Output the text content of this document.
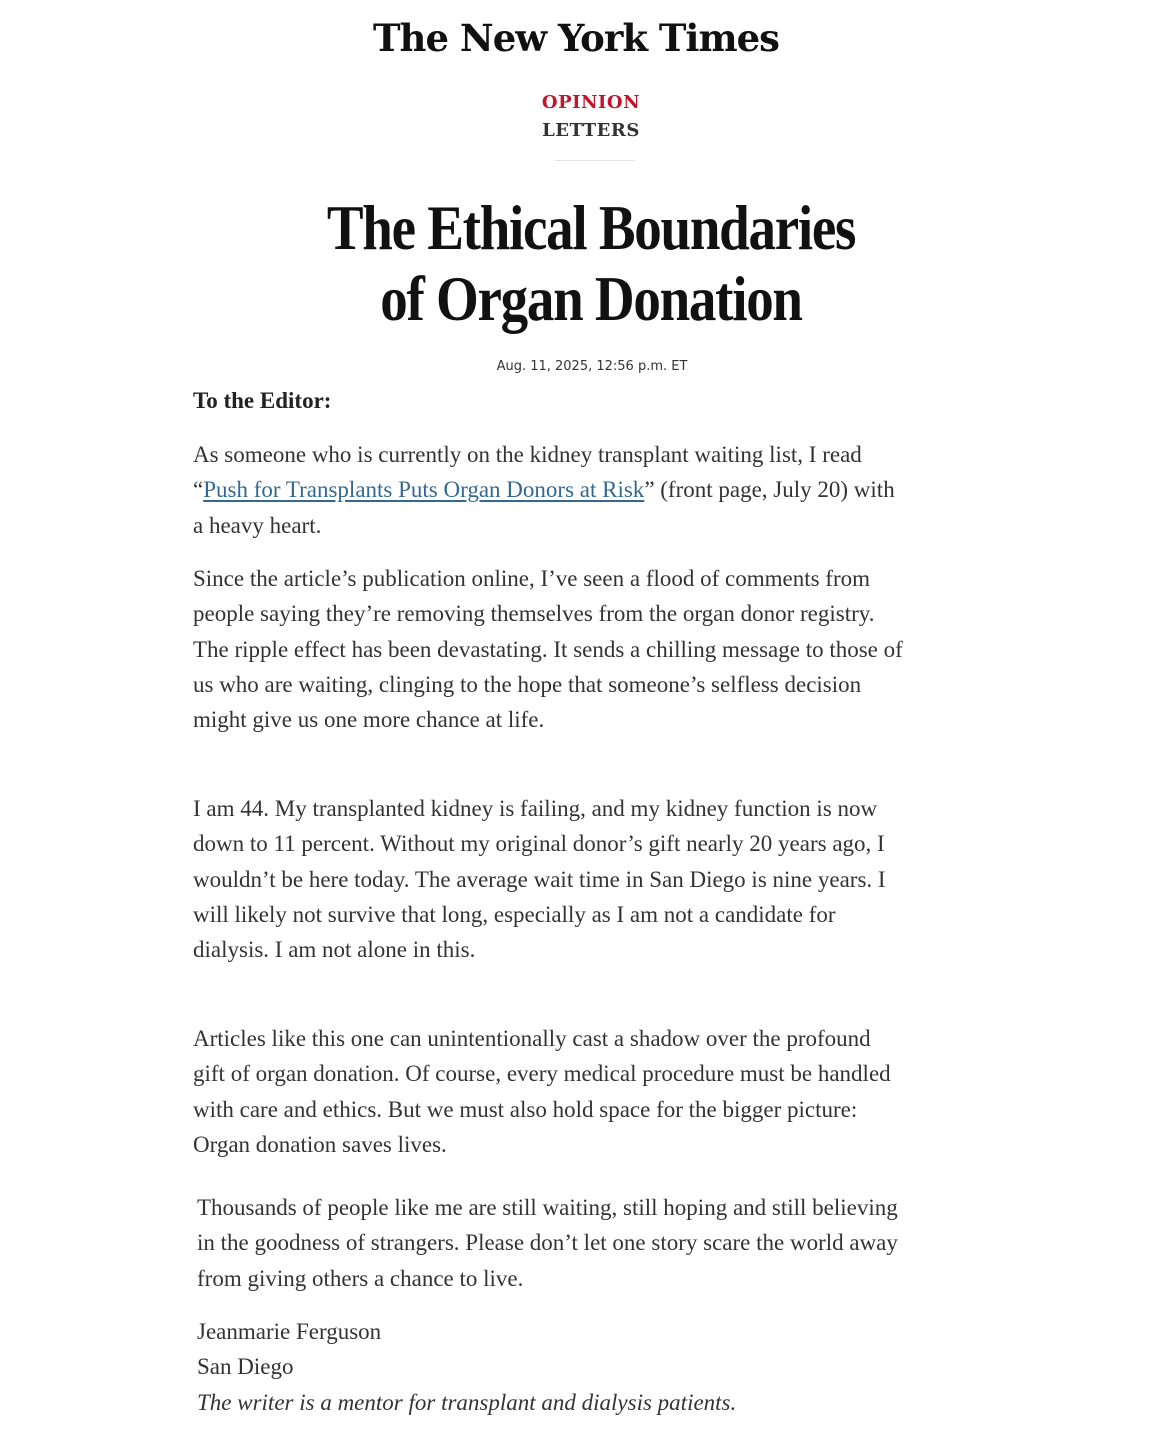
The New York Times
OPINION
LETTERS
The Ethical Boundaries
of Organ Donation
Aug. 11, 2025, 12:56 p.m. ET
To the Editor:

As someone who is currently on the kidney transplant waiting list, I read “Push for Transplants Puts Organ Donors at Risk” (front page, July 20) with a heavy heart.

Since the article’s publication online, I’ve seen a flood of comments from people saying they’re removing themselves from the organ donor registry. The ripple effect has been devastating. It sends a chilling message to those of us who are waiting, clinging to the hope that someone’s selfless decision might give us one more chance at life.

I am 44. My transplanted kidney is failing, and my kidney function is now down to 11 percent. Without my original donor’s gift nearly 20 years ago, I wouldn’t be here today. The average wait time in San Diego is nine years. I will likely not survive that long, especially as I am not a candidate for dialysis. I am not alone in this.

Articles like this one can unintentionally cast a shadow over the profound gift of organ donation. Of course, every medical procedure must be handled with care and ethics. But we must also hold space for the bigger picture: Organ donation saves lives.

Thousands of people like me are still waiting, still hoping and still believing in the goodness of strangers. Please don’t let one story scare the world away from giving others a chance to live.

Jeanmarie Ferguson
San Diego
The writer is a mentor for transplant and dialysis patients.
